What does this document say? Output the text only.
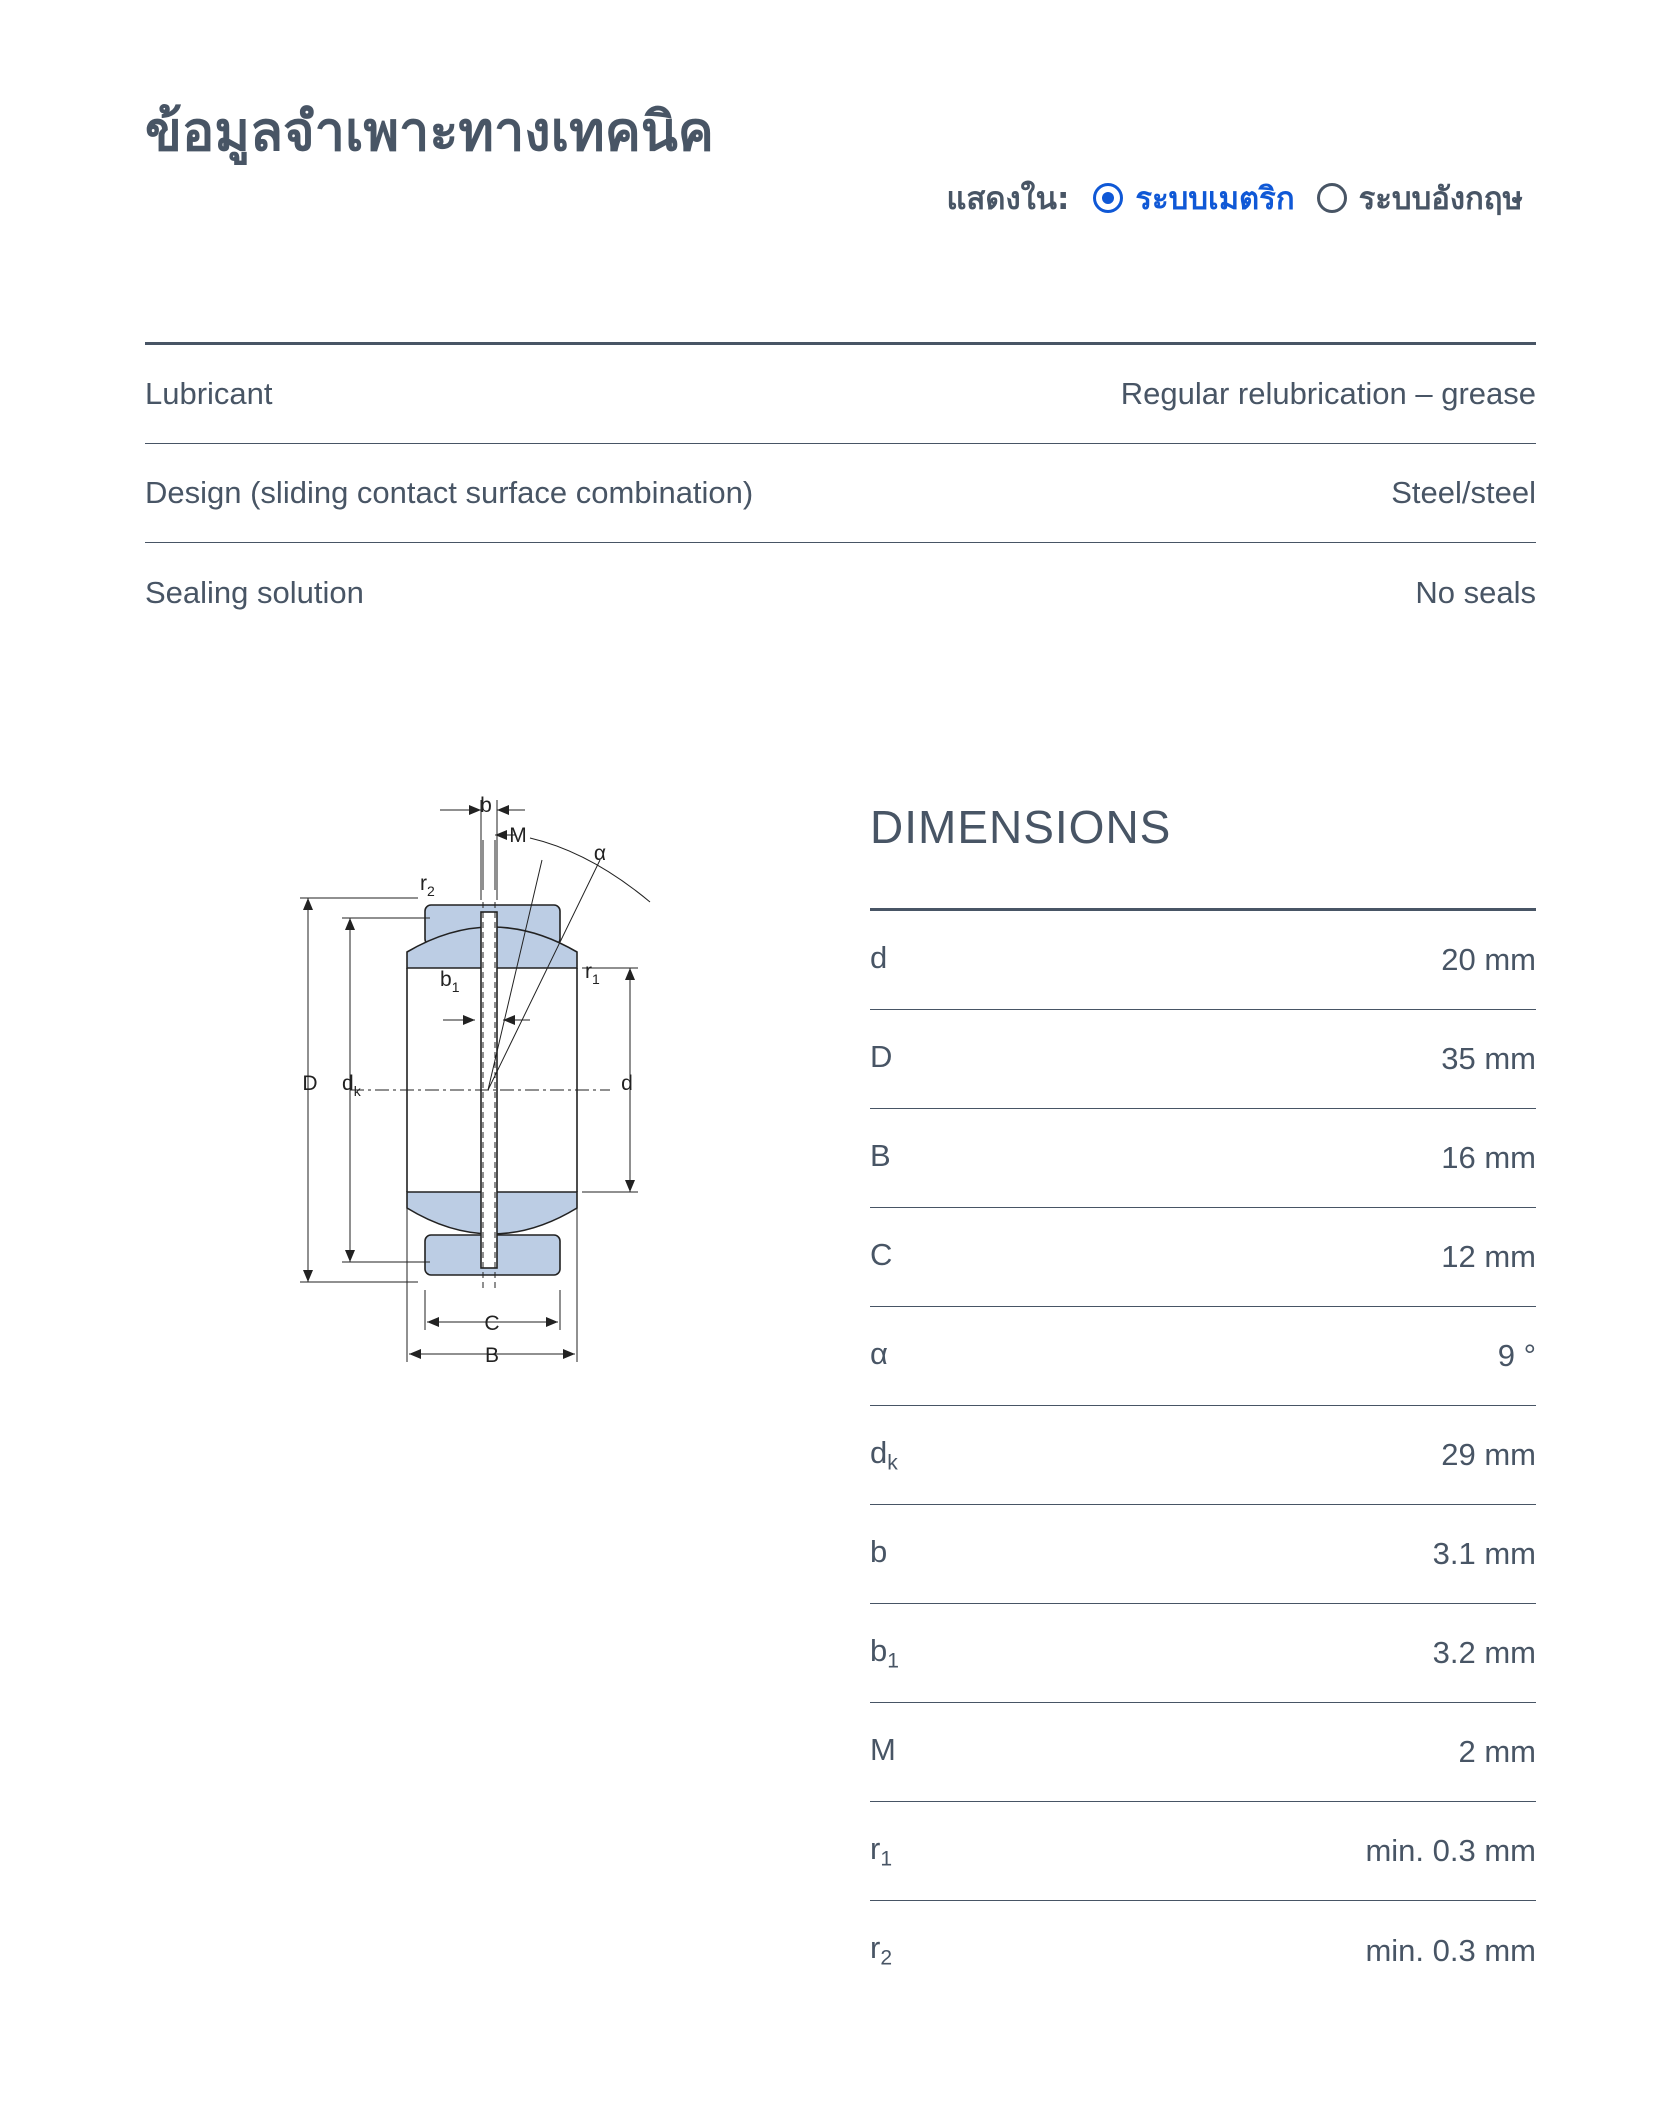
ข้อมูลจำเพาะทางเทคนิค
แสดงใน: ระบบเมตริก ระบบอังกฤษ
Lubricant	Regular relubrication – grease
Design (sliding contact surface combination)	Steel/steel
Sealing solution	No seals
b
M
α
$r_2$
$b_1$
$r_1$
D $d_k$	d
C
B
DIMENSIONS
d	20 mm
D	35 mm
B	16 mm
C	12 mm
α	9 °
$d_k$	29 mm
b	3.1 mm
$b_1$	3.2 mm
M	2 mm
$r_1$	min. 0.3 mm
$r_2$	min. 0.3 mm
